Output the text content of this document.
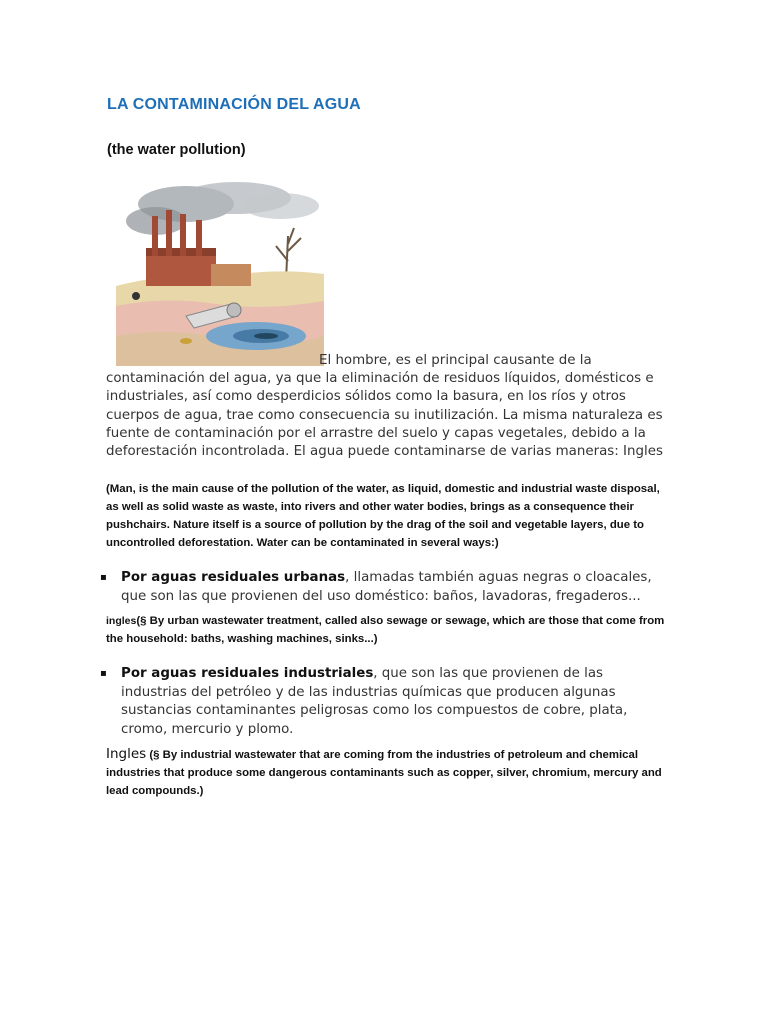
LA CONTAMINACIÓN DEL AGUA
(the water pollution)
El hombre, es el principal causante de la
contaminación del agua, ya que la eliminación de residuos líquidos, domésticos e industriales, así como desperdicios sólidos como la basura, en los ríos y otros cuerpos de agua, trae como consecuencia su inutilización. La misma naturaleza es fuente de contaminación por el arrastre del suelo y capas vegetales, debido a la deforestación incontrolada. El agua puede contaminarse de varias maneras: Ingles
(Man, is the main cause of the pollution of the water, as liquid, domestic and industrial waste disposal, as well as solid waste as waste, into rivers and other water bodies, brings as a consequence their pushchairs. Nature itself is a source of pollution by the drag of the soil and vegetable layers, due to uncontrolled deforestation. Water can be contaminated in several ways:)
▪ Por aguas residuales urbanas, llamadas también aguas negras o cloacales, que son las que provienen del uso doméstico: baños, lavadoras, fregaderos...
ingles(§ By urban wastewater treatment, called also sewage or sewage, which are those that come from the household: baths, washing machines, sinks...)
▪ Por aguas residuales industriales, que son las que provienen de las industrias del petróleo y de las industrias químicas que producen algunas sustancias contaminantes peligrosas como los compuestos de cobre, plata, cromo, mercurio y plomo.
Ingles (§ By industrial wastewater that are coming from the industries of petroleum and chemical industries that produce some dangerous contaminants such as copper, silver, chromium, mercury and lead compounds.)
